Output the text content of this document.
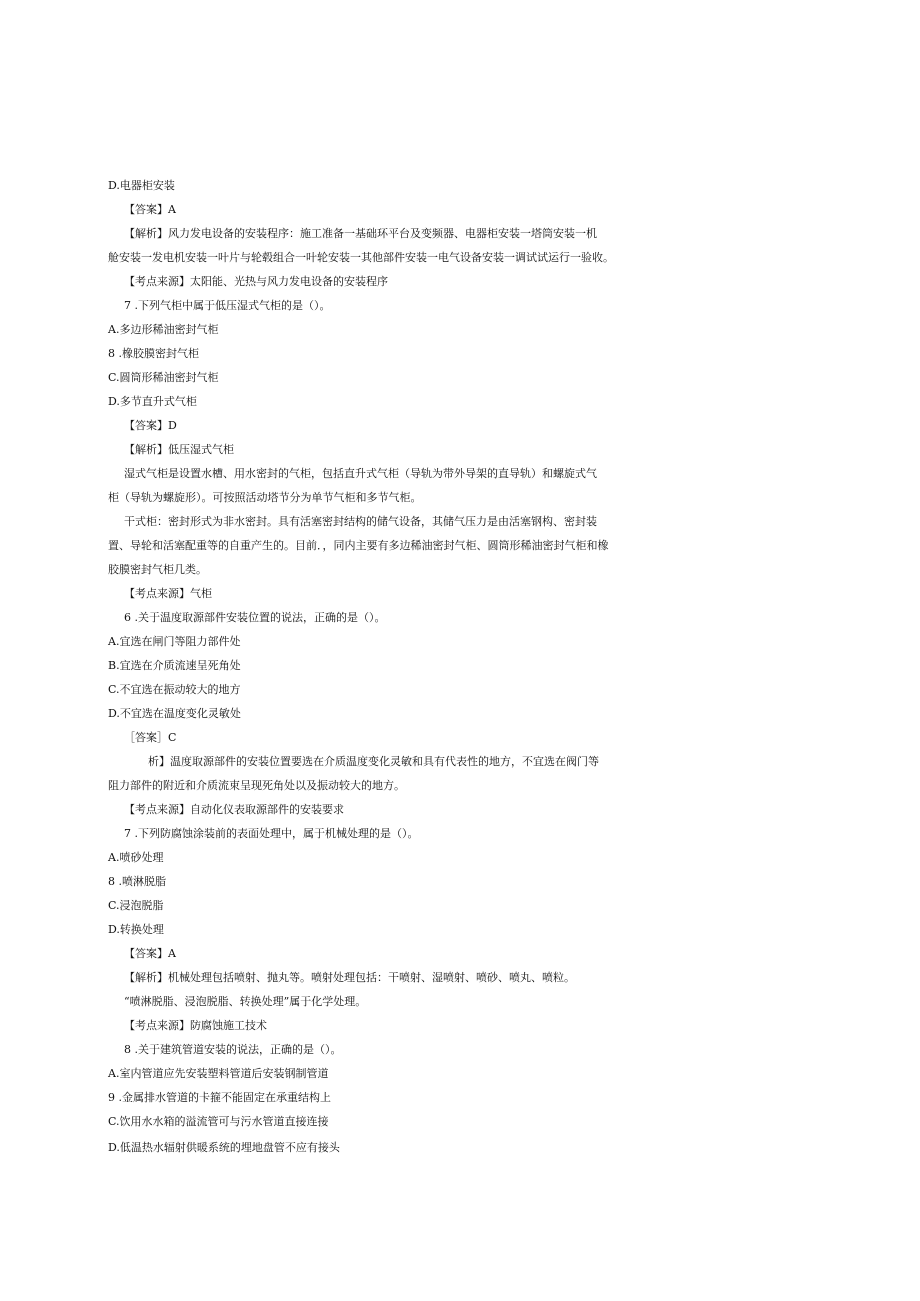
D.电器柜安装
【答案】A
【解析】风力发电设备的安装程序：施工准备一基础环平台及变频器、电器柜安装一塔筒安装一机
舱安装一发电机安装一叶片与轮毂组合一叶轮安装一其他部件安装一电气设备安装一调试试运行一验收。
【考点来源】太阳能、光热与风力发电设备的安装程序
7 .下列气柜中属于低压湿式气柜的是（）。
A.多边形稀油密封气柜
8 .橡胶膜密封气柜
C.圆筒形稀油密封气柜
D.多节直升式气柜
【答案】D
【解析】低压湿式气柜
湿式气柜是设置水槽、用水密封的气柜，包括直升式气柜（导轨为带外导架的直导轨）和螺旋式气
柜（导轨为螺旋形）。可按照活动塔节分为单节气柜和多节气柜。
干式柜：密封形式为非水密封。具有活塞密封结构的储气设备，其储气压力是由活塞钢构、密封装
置、导轮和活塞配重等的自重产生的。目前．，同内主要有多边稀油密封气柜、圆筒形稀油密封气柜和橡
胶膜密封气柜几类。
【考点来源】气柜
6 .关于温度取源部件安装位置的说法，正确的是（）。
A.宜选在闸门等阻力部件处
B.宜选在介质流速呈死角处
C.不宜选在振动较大的地方
D.不宜选在温度变化灵敏处
［答案］C
析】温度取源部件的安装位置要选在介质温度变化灵敏和具有代表性的地方，不宜选在阀门等
阻力部件的附近和介质流束呈现死角处以及振动较大的地方。
【考点来源】自动化仪表取源部件的安装要求
7 .下列防腐蚀涂装前的表面处理中，属于机械处理的是（）。
A.喷砂处理
8 .喷淋脱脂
C.浸泡脱脂
D.转换处理
【答案】A
【解析】机械处理包括喷射、抛丸等。喷射处理包括：干喷射、湿喷射、喷砂、喷丸、喷粒。
“喷淋脱脂、浸泡脱脂、转换处理”属于化学处理。
【考点来源】防腐蚀施工技术
8 .关于建筑管道安装的说法，正确的是（）。
A.室内管道应先安装塑料管道后安装钢制管道
9 .金属排水管道的卡箍不能固定在承重结构上
C.饮用水水箱的溢流管可与污水管道直接连接
D.低温热水辐射供暖系统的埋地盘管不应有接头
